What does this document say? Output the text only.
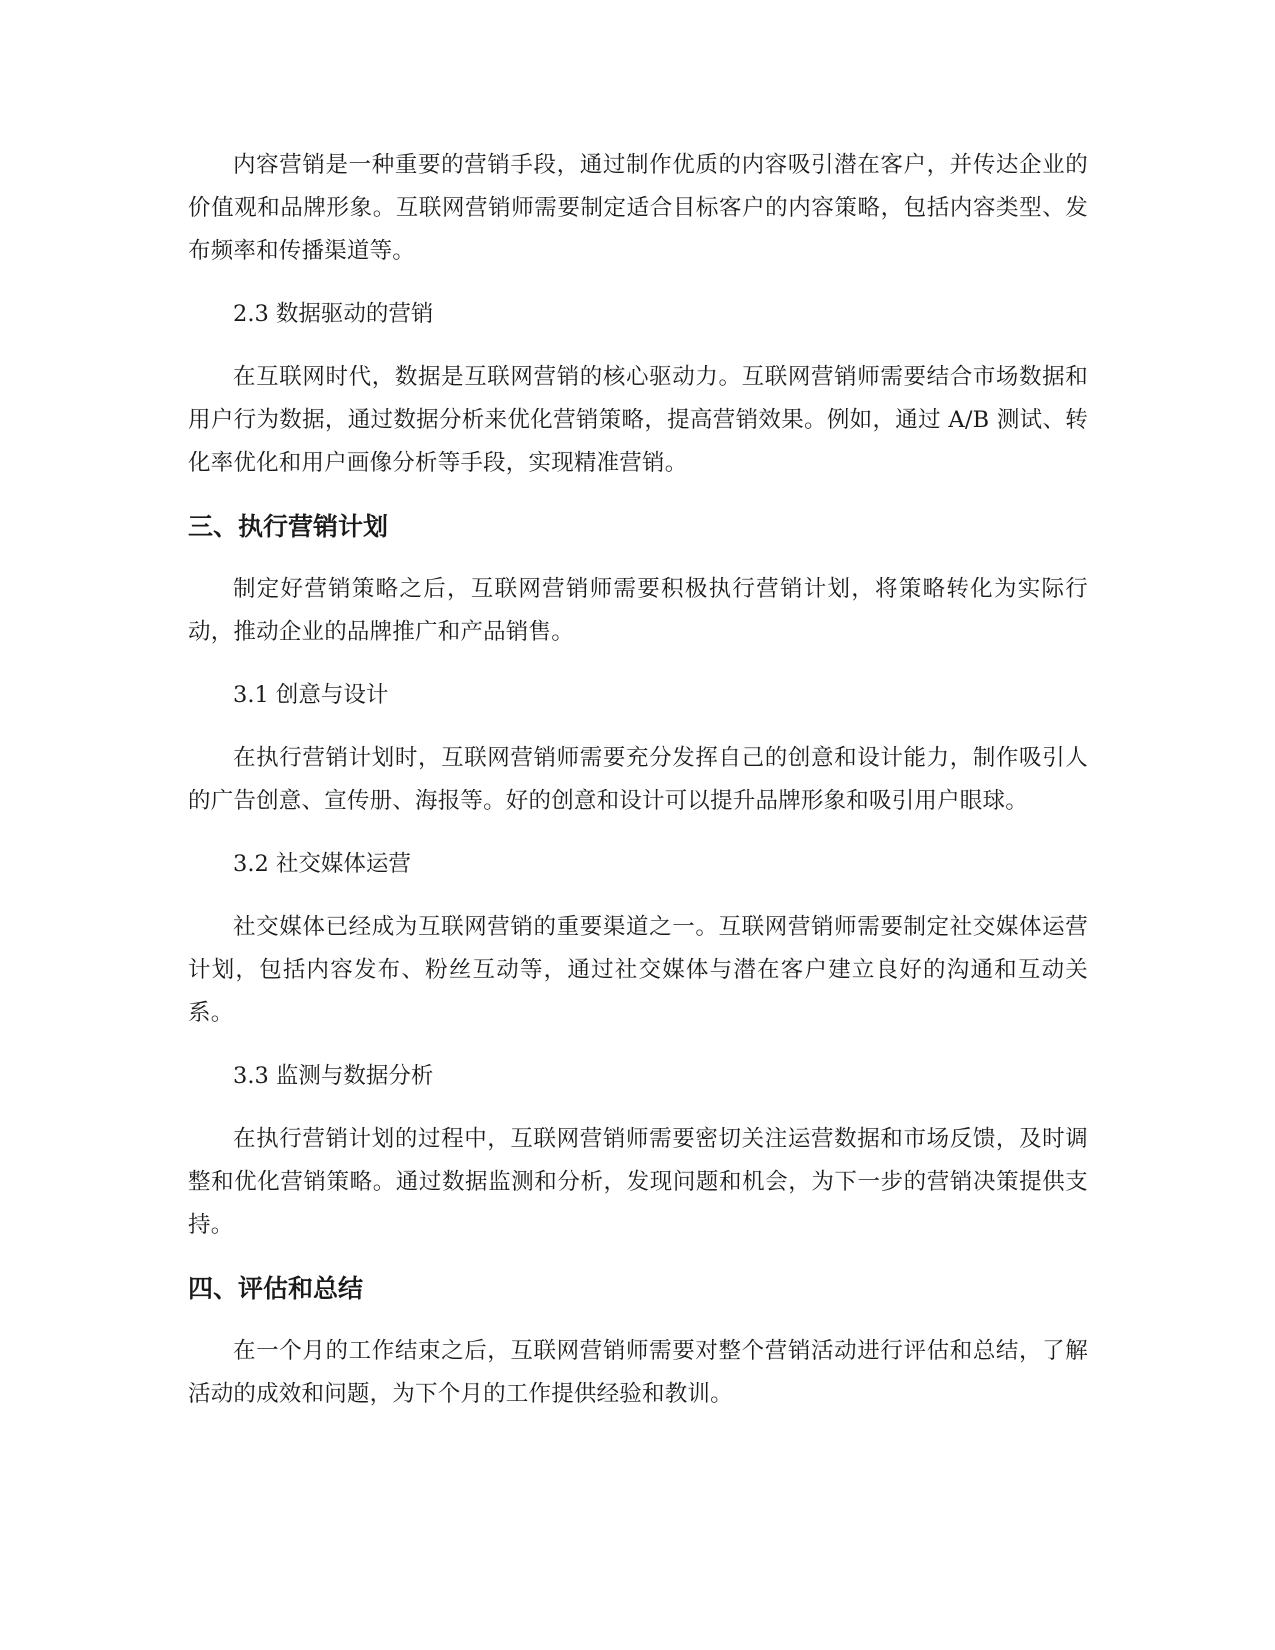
内容营销是一种重要的营销手段，通过制作优质的内容吸引潜在客户，并传达企业的价值观和品牌形象。互联网营销师需要制定适合目标客户的内容策略，包括内容类型、发布频率和传播渠道等。

2.3 数据驱动的营销

在互联网时代，数据是互联网营销的核心驱动力。互联网营销师需要结合市场数据和用户行为数据，通过数据分析来优化营销策略，提高营销效果。例如，通过 A/B 测试、转化率优化和用户画像分析等手段，实现精准营销。

三、执行营销计划

制定好营销策略之后，互联网营销师需要积极执行营销计划，将策略转化为实际行动，推动企业的品牌推广和产品销售。

3.1 创意与设计

在执行营销计划时，互联网营销师需要充分发挥自己的创意和设计能力，制作吸引人的广告创意、宣传册、海报等。好的创意和设计可以提升品牌形象和吸引用户眼球。

3.2 社交媒体运营

社交媒体已经成为互联网营销的重要渠道之一。互联网营销师需要制定社交媒体运营计划，包括内容发布、粉丝互动等，通过社交媒体与潜在客户建立良好的沟通和互动关系。

3.3 监测与数据分析

在执行营销计划的过程中，互联网营销师需要密切关注运营数据和市场反馈，及时调整和优化营销策略。通过数据监测和分析，发现问题和机会，为下一步的营销决策提供支持。

四、评估和总结

在一个月的工作结束之后，互联网营销师需要对整个营销活动进行评估和总结，了解活动的成效和问题，为下个月的工作提供经验和教训。
